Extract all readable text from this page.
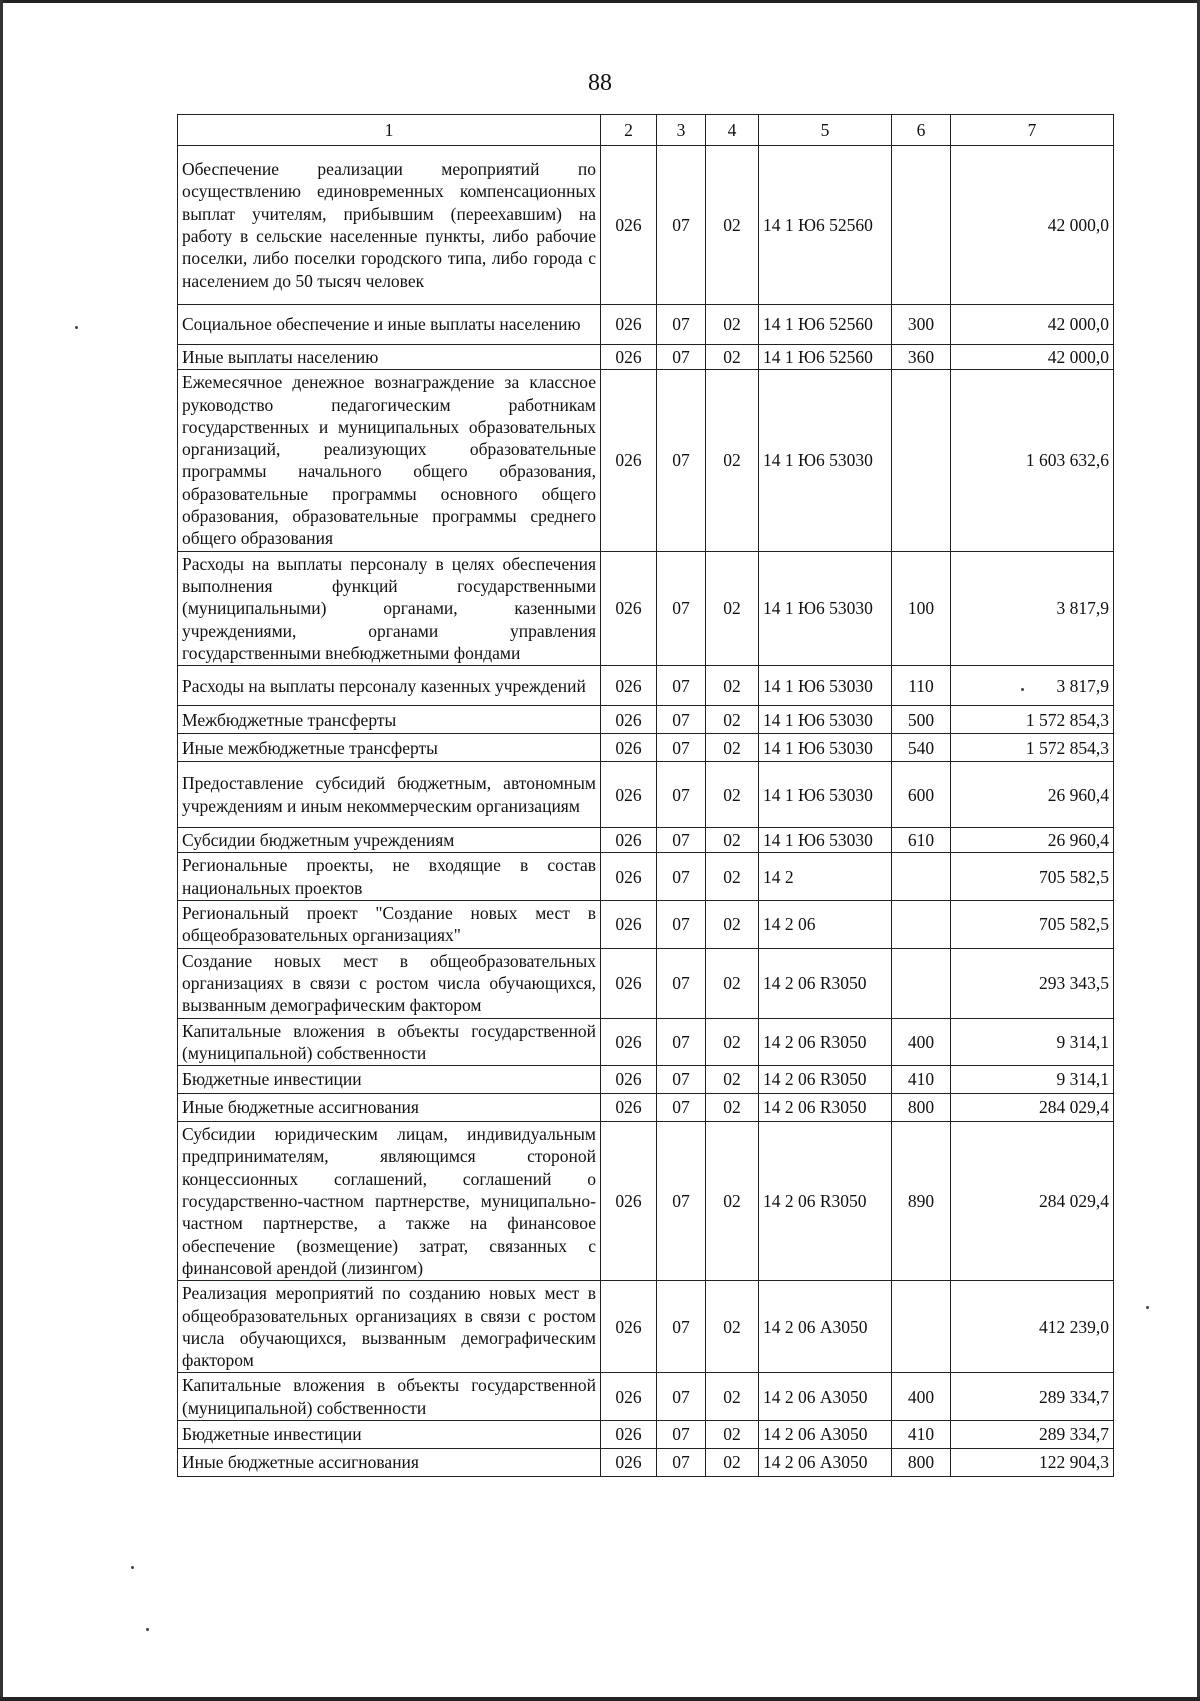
88
1	2	3	4	5	6	7
Обеспечение реализации мероприятий по осуществлению единовременных компенсационных выплат учителям, прибывшим (переехавшим) на работу в сельские населенные пункты, либо рабочие поселки, либо поселки городского типа, либо города с населением до 50 тысяч человек	026	07	02	14 1 Ю6 52560		42 000,0
Социальное обеспечение и иные выплаты населению	026	07	02	14 1 Ю6 52560	300	42 000,0
Иные выплаты населению	026	07	02	14 1 Ю6 52560	360	42 000,0
Ежемесячное денежное вознаграждение за классное руководство педагогическим работникам государственных и муниципальных образовательных организаций, реализующих образовательные программы начального общего образования, образовательные программы основного общего образования, образовательные программы среднего общего образования	026	07	02	14 1 Ю6 53030		1 603 632,6
Расходы на выплаты персоналу в целях обеспечения выполнения функций государственными (муниципальными) органами, казенными учреждениями, органами управления государственными внебюджетными фондами	026	07	02	14 1 Ю6 53030	100	3 817,9
Расходы на выплаты персоналу казенных учреждений	026	07	02	14 1 Ю6 53030	110	3 817,9
Межбюджетные трансферты	026	07	02	14 1 Ю6 53030	500	1 572 854,3
Иные межбюджетные трансферты	026	07	02	14 1 Ю6 53030	540	1 572 854,3
Предоставление субсидий бюджетным, автономным учреждениям и иным некоммерческим организациям	026	07	02	14 1 Ю6 53030	600	26 960,4
Субсидии бюджетным учреждениям	026	07	02	14 1 Ю6 53030	610	26 960,4
Региональные проекты, не входящие в состав национальных проектов	026	07	02	14 2		705 582,5
Региональный проект "Создание новых мест в общеобразовательных организациях"	026	07	02	14 2 06		705 582,5
Создание новых мест в общеобразовательных организациях в связи с ростом числа обучающихся, вызванным демографическим фактором	026	07	02	14 2 06 R3050		293 343,5
Капитальные вложения в объекты государственной (муниципальной) собственности	026	07	02	14 2 06 R3050	400	9 314,1
Бюджетные инвестиции	026	07	02	14 2 06 R3050	410	9 314,1
Иные бюджетные ассигнования	026	07	02	14 2 06 R3050	800	284 029,4
Субсидии юридическим лицам, индивидуальным предпринимателям, являющимся стороной концессионных соглашений, соглашений о государственно-частном партнерстве, муниципально-частном партнерстве, а также на финансовое обеспечение (возмещение) затрат, связанных с финансовой арендой (лизингом)	026	07	02	14 2 06 R3050	890	284 029,4
Реализация мероприятий по созданию новых мест в общеобразовательных организациях в связи с ростом числа обучающихся, вызванным демографическим фактором	026	07	02	14 2 06 А3050		412 239,0
Капитальные вложения в объекты государственной (муниципальной) собственности	026	07	02	14 2 06 А3050	400	289 334,7
Бюджетные инвестиции	026	07	02	14 2 06 А3050	410	289 334,7
Иные бюджетные ассигнования	026	07	02	14 2 06 А3050	800	122 904,3
